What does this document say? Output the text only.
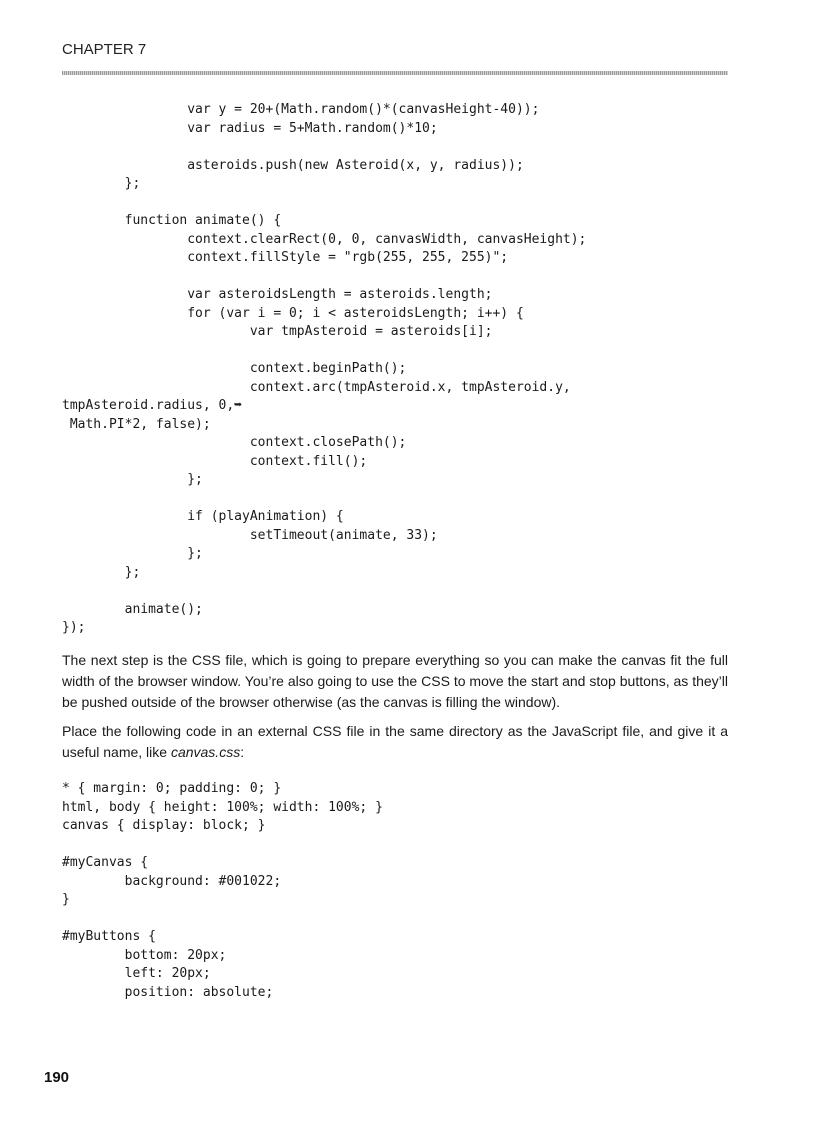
CHAPTER 7
var y = 20+(Math.random()*(canvasHeight-40));
var radius = 5+Math.random()*10;

asteroids.push(new Asteroid(x, y, radius));
};

function animate() {
context.clearRect(0, 0, canvasWidth, canvasHeight);
context.fillStyle = "rgb(255, 255, 255)";

var asteroidsLength = asteroids.length;
for (var i = 0; i < asteroidsLength; i++) {
var tmpAsteroid = asteroids[i];

context.beginPath();
context.arc(tmpAsteroid.x, tmpAsteroid.y,
tmpAsteroid.radius, 0,➥
Math.PI*2, false);
context.closePath();
context.fill();
};

if (playAnimation) {
setTimeout(animate, 33);
};
};

animate();
});

The next step is the CSS file, which is going to prepare everything so you can make the canvas fit the full width of the browser window. You’re also going to use the CSS to move the start and stop buttons, as they’ll be pushed outside of the browser otherwise (as the canvas is filling the window).

Place the following code in an external CSS file in the same directory as the JavaScript file, and give it a useful name, like canvas.css:

* { margin: 0; padding: 0; }
html, body { height: 100%; width: 100%; }
canvas { display: block; }

#myCanvas {
background: #001022;
}

#myButtons {
bottom: 20px;
left: 20px;
position: absolute;

190
